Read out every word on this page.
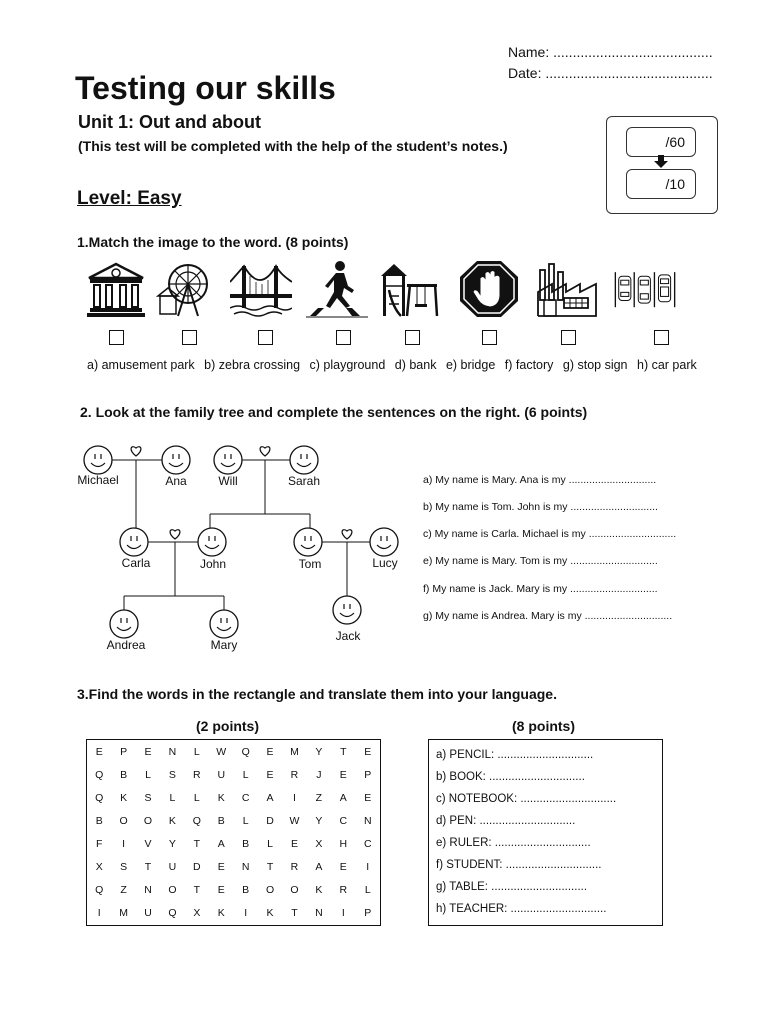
Name: .........................................
Date: ...........................................
Testing our skills
Unit 1: Out and about
(This test will be completed with the help of the student’s notes.)	/60
/10
Level: Easy
1.Match the image to the word. (8 points)
a) amusement park b) zebra crossing c) playground d) bank e) bridge f) factory g) stop sign h) car park
2. Look at the family tree and complete the sentences on the right. (6 points)
Michael	Ana	Will	Sarah
Carla	John	Tom	Lucy
Andrea	Mary
Jack
a) My name is Mary. Ana is my ..............................
b) My name is Tom. John is my ..............................
c) My name is Carla. Michael is my ..............................
e) My name is Mary. Tom is my ..............................
f) My name is Jack. Mary is my ..............................
g) My name is Andrea. Mary is my ..............................
3.Find the words in the rectangle and translate them into your language.
(2 points)	(8 points)
E	P	E	N	L	W	Q	E	M	Y	T	E
Q	B	L	S	R	U	L	E	R	J	E	P
Q	K	S	L	L	K	C	A	I	Z	A	E
B	O	O	K	Q	B	L	D	W	Y	C	N
F	I	V	Y	T	A	B	L	E	X	H	C
X	S	T	U	D	E	N	T	R	A	E	I
Q	Z	N	O	T	E	B	O	O	K	R	L
I	M	U	Q	X	K	I	K	T	N	I	P
a) PENCIL: ..............................
b) BOOK: ..............................
c) NOTEBOOK: ..............................
d) PEN: ..............................
e) RULER: ..............................
f) STUDENT: ..............................
g) TABLE: ..............................
h) TEACHER: ..............................
